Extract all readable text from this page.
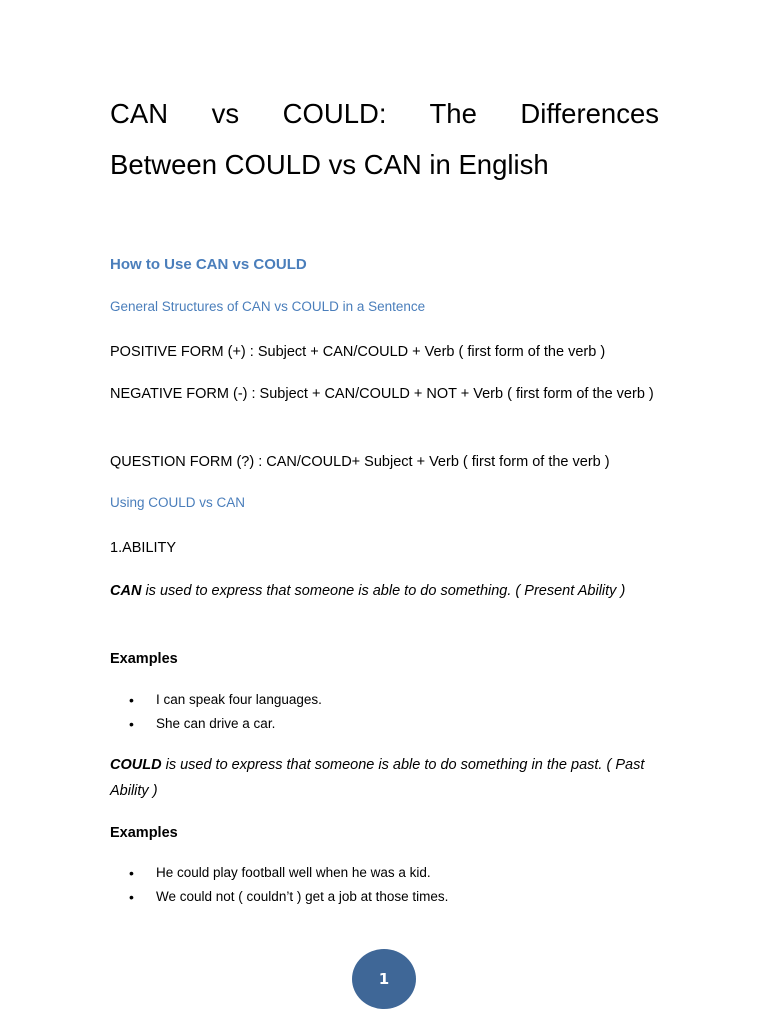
CAN vs COULD: The Differences
Between COULD vs CAN in English
How to Use CAN vs COULD
General Structures of CAN vs COULD in a Sentence

POSITIVE FORM (+) : Subject + CAN/COULD + Verb ( first form of the verb )

NEGATIVE FORM (-) : Subject + CAN/COULD + NOT + Verb ( first form of the verb )

QUESTION FORM (?) : CAN/COULD+ Subject + Verb ( first form of the verb )

Using COULD vs CAN

1.ABILITY

CAN is used to express that someone is able to do something. ( Present Ability )

Examples

• I can speak four languages.
• She can drive a car.

COULD is used to express that someone is able to do something in the past. ( Past Ability )

Examples

• He could play football well when he was a kid.
• We could not ( couldn’t ) get a job at those times.
1
